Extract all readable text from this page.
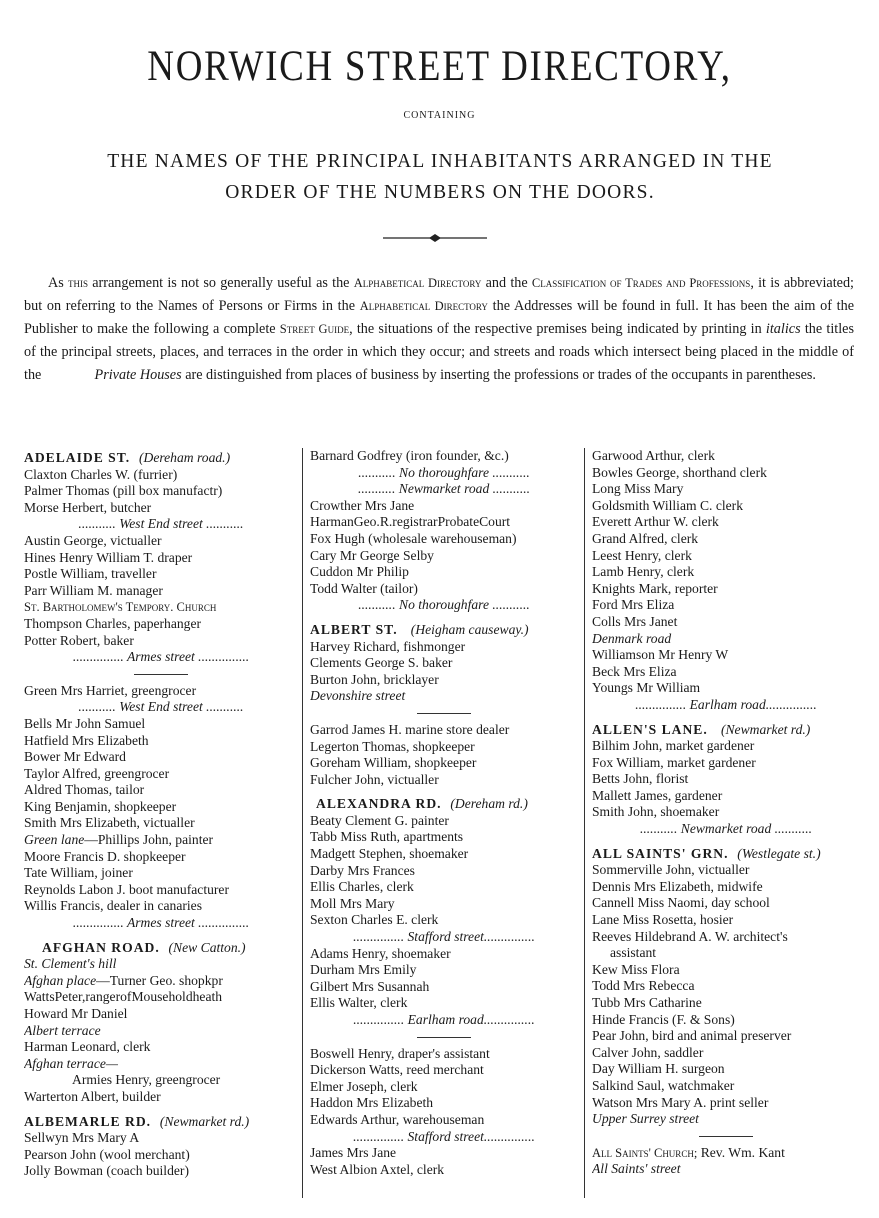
NORWICH STREET DIRECTORY,
CONTAINING
THE NAMES OF THE PRINCIPAL INHABITANTS ARRANGED IN THE
ORDER OF THE NUMBERS ON THE DOORS.
As this arrangement is not so generally useful as the Alphabetical Directory and the Classification of Trades and Professions, it is abbreviated; but on referring to the Names of Persons or Firms in the Alphabetical Directory the Addresses will be found in full. It has been the aim of the Publisher to make the following a complete Street Guide, the situations of the respective premises being indicated by printing in italics the titles of the principal streets, places, and terraces in the order in which they occur; and streets and roads which intersect being placed in the middle of the	Private Houses are distinguished from places of business by inserting the professions or trades of the occupants in parentheses.
ADELAIDE ST. (Dereham road.)
Claxton Charles W. (furrier)
Palmer Thomas (pill box manufactr)
Morse Herbert, butcher
........... West End street ...........
Austin George, victualler
Hines Henry William T. draper
Postle William, traveller
Parr William M. manager
St. Bartholomew's Tempory. Church
Thompson Charles, paperhanger
Potter Robert, baker
............... Armes street ...............
Green Mrs Harriet, greengrocer
........... West End street ...........
Bells Mr John Samuel
Hatfield Mrs Elizabeth
Bower Mr Edward
Taylor Alfred, greengrocer
Aldred Thomas, tailor
King Benjamin, shopkeeper
Smith Mrs Elizabeth, victualler
Green lane—Phillips John, painter
Moore Francis D. shopkeeper
Tate William, joiner
Reynolds Labon J. boot manufacturer
Willis Francis, dealer in canaries
............... Armes street ...............
AFGHAN ROAD. (New Catton.)
St. Clement's hill
Afghan place—Turner Geo. shopkpr
WattsPeter,rangerofMouseholdheath
Howard Mr Daniel
Albert terrace
Harman Leonard, clerk
Afghan terrace—
Armies Henry, greengrocer
Warterton Albert, builder
ALBEMARLE RD. (Newmarket rd.)
Sellwyn Mrs Mary A
Pearson John (wool merchant)
Jolly Bowman (coach builder)
Barnard Godfrey (iron founder, &c.)
........... No thoroughfare ...........
........... Newmarket road ...........
Crowther Mrs Jane
HarmanGeo.R.registrarProbateCourt
Fox Hugh (wholesale warehouseman)
Cary Mr George Selby
Cuddon Mr Philip
Todd Walter (tailor)
........... No thoroughfare ...........
ALBERT ST. (Heigham causeway.)
Harvey Richard, fishmonger
Clements George S. baker
Burton John, bricklayer
Devonshire street
Garrod James H. marine store dealer
Legerton Thomas, shopkeeper
Goreham William, shopkeeper
Fulcher John, victualler
ALEXANDRA RD. (Dereham rd.)
Beaty Clement G. painter
Tabb Miss Ruth, apartments
Madgett Stephen, shoemaker
Darby Mrs Frances
Ellis Charles, clerk
Moll Mrs Mary
Sexton Charles E. clerk
............... Stafford street...............
Adams Henry, shoemaker
Durham Mrs Emily
Gilbert Mrs Susannah
Ellis Walter, clerk
............... Earlham road...............
Boswell Henry, draper's assistant
Dickerson Watts, reed merchant
Elmer Joseph, clerk
Haddon Mrs Elizabeth
Edwards Arthur, warehouseman
............... Stafford street...............
James Mrs Jane
West Albion Axtel, clerk
Garwood Arthur, clerk
Bowles George, shorthand clerk
Long Miss Mary
Goldsmith William C. clerk
Everett Arthur W. clerk
Grand Alfred, clerk
Leest Henry, clerk
Lamb Henry, clerk
Knights Mark, reporter
Ford Mrs Eliza
Colls Mrs Janet
Denmark road
Williamson Mr Henry W
Beck Mrs Eliza
Youngs Mr William
............... Earlham road...............
ALLEN'S LANE. (Newmarket rd.)
Bilhim John, market gardener
Fox William, market gardener
Betts John, florist
Mallett James, gardener
Smith John, shoemaker
........... Newmarket road ...........
ALL SAINTS' GRN. (Westlegate st.)
Sommerville John, victualler
Dennis Mrs Elizabeth, midwife
Cannell Miss Naomi, day school
Lane Miss Rosetta, hosier
Reeves Hildebrand A. W. architect's
assistant
Kew Miss Flora
Todd Mrs Rebecca
Tubb Mrs Catharine
Hinde Francis (F. & Sons)
Pear John, bird and animal preserver
Calver John, saddler
Day William H. surgeon
Salkind Saul, watchmaker
Watson Mrs Mary A. print seller
Upper Surrey street
All Saints' Church; Rev. Wm. Kant
All Saints' street
